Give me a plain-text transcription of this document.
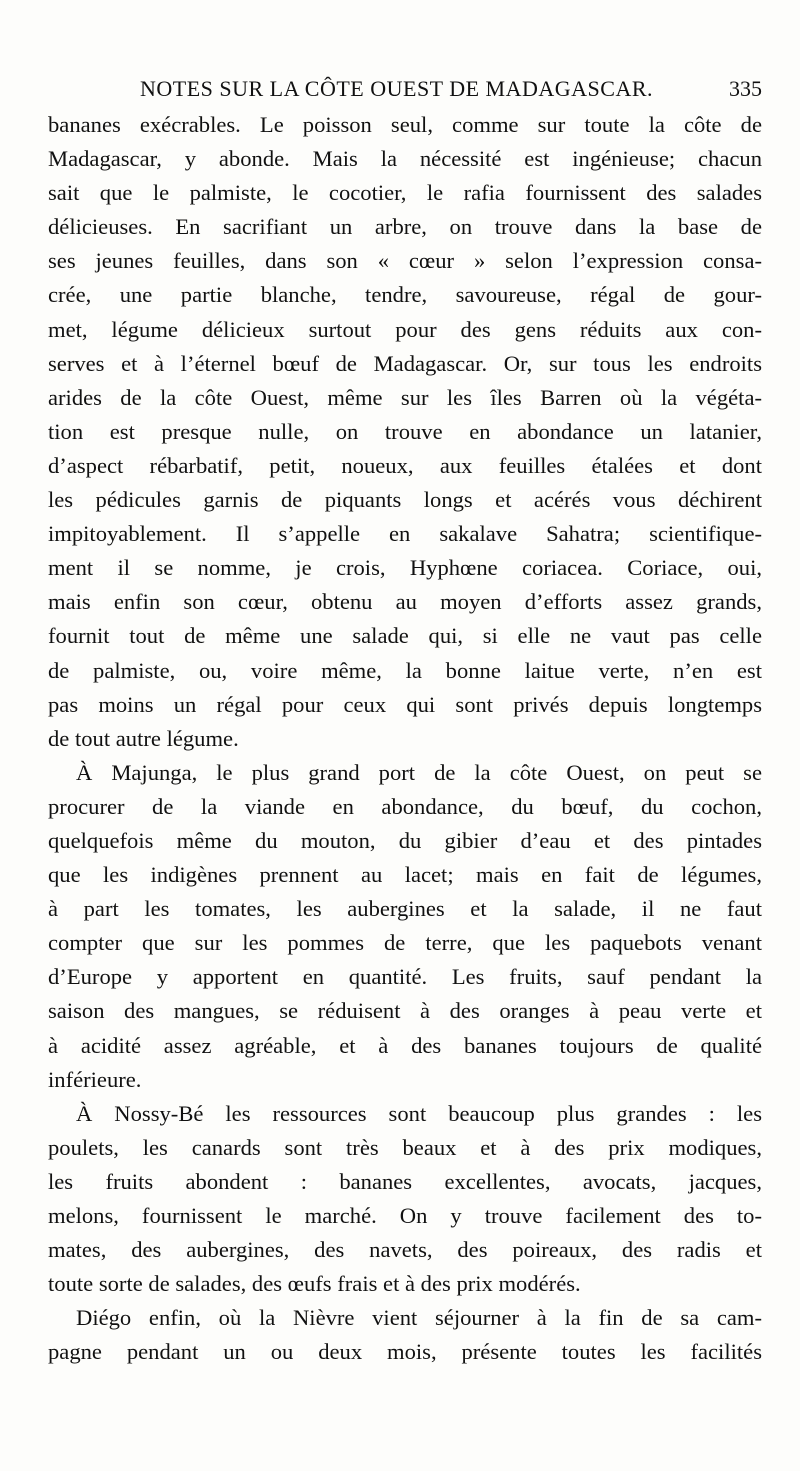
NOTES SUR LA CÔTE OUEST DE MADAGASCAR.	335
bananes exécrables. Le poisson seul, comme sur toute la côte de
Madagascar, y abonde. Mais la nécessité est ingénieuse; chacun
sait que le palmiste, le cocotier, le rafia fournissent des salades
délicieuses. En sacrifiant un arbre, on trouve dans la base de
ses jeunes feuilles, dans son « cœur » selon l’expression consa-
crée, une partie blanche, tendre, savoureuse, régal de gour-
met, légume délicieux surtout pour des gens réduits aux con-
serves et à l’éternel bœuf de Madagascar. Or, sur tous les endroits
arides de la côte Ouest, même sur les îles Barren où la végéta-
tion est presque nulle, on trouve en abondance un latanier,
d’aspect rébarbatif, petit, noueux, aux feuilles étalées et dont
les pédicules garnis de piquants longs et acérés vous déchirent
impitoyablement. Il s’appelle en sakalave Sahatra; scientifique-
ment il se nomme, je crois, Hyphœne coriacea. Coriace, oui,
mais enfin son cœur, obtenu au moyen d’efforts assez grands,
fournit tout de même une salade qui, si elle ne vaut pas celle
de palmiste, ou, voire même, la bonne laitue verte, n’en est
pas moins un régal pour ceux qui sont privés depuis longtemps
de tout autre légume.
À Majunga, le plus grand port de la côte Ouest, on peut se
procurer de la viande en abondance, du bœuf, du cochon,
quelquefois même du mouton, du gibier d’eau et des pintades
que les indigènes prennent au lacet; mais en fait de légumes,
à part les tomates, les aubergines et la salade, il ne faut
compter que sur les pommes de terre, que les paquebots venant
d’Europe y apportent en quantité. Les fruits, sauf pendant la
saison des mangues, se réduisent à des oranges à peau verte et
à acidité assez agréable, et à des bananes toujours de qualité
inférieure.
À Nossy-Bé les ressources sont beaucoup plus grandes : les
poulets, les canards sont très beaux et à des prix modiques,
les fruits abondent : bananes excellentes, avocats, jacques,
melons, fournissent le marché. On y trouve facilement des to-
mates, des aubergines, des navets, des poireaux, des radis et
toute sorte de salades, des œufs frais et à des prix modérés.
Diégo enfin, où la Nièvre vient séjourner à la fin de sa cam-
pagne pendant un ou deux mois, présente toutes les facilités
